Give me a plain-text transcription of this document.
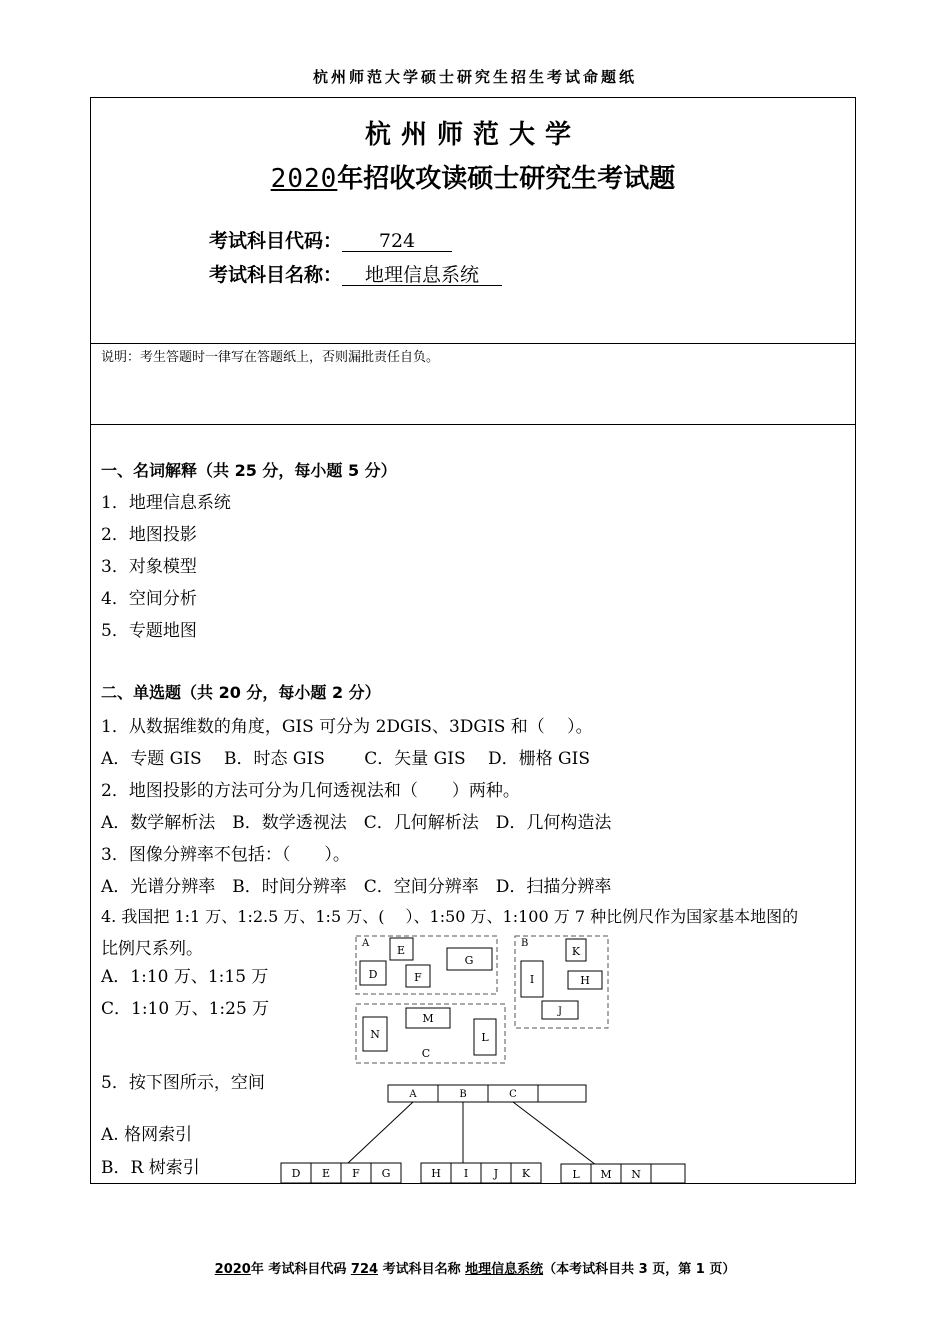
杭州师范大学硕士研究生招生考试命题纸
杭州师范大学
2020年招收攻读硕士研究生考试题
考试科目代码： 724
考试科目名称： 地理信息系统
说明：考生答题时一律写在答题纸上，否则漏批责任自负。
一、名词解释（共 25 分，每小题 5 分）
1．地理信息系统
2．地图投影
3．对象模型
4．空间分析
5．专题地图
二、单选题（共 20 分，每小题 2 分）
1．从数据维数的角度，GIS 可分为 2DGIS、3DGIS 和（　 ）。
A．专题 GIS　 B．时态 GIS　　 C．矢量 GIS　 D．栅格 GIS
2．地图投影的方法可分为几何透视法和（　　）两种。
A．数学解析法　B．数学透视法　C．几何解析法　D．几何构造法
3．图像分辨率不包括：（　　）。
A．光谱分辨率　B．时间分辨率　C．空间分辨率　D．扫描分辨率
4. 我国把 1:1 万、1:2.5 万、1:5 万、(　 ）、1:50 万、1:100 万 7 种比例尺作为国家基本地图的
比例尺系列。
A．1:10 万、1:15 万
C．1:10 万、1:25 万
5．按下图所示，空间
A. 格网索引
B．R 树索引
A	B
C
E
D	F
G
K
I	H
J
M
N	L
A	B	C
D E F G	H I J K	L M N
2020年 考试科目代码 724 考试科目名称 地理信息系统（本考试科目共 3 页，第 1 页）
